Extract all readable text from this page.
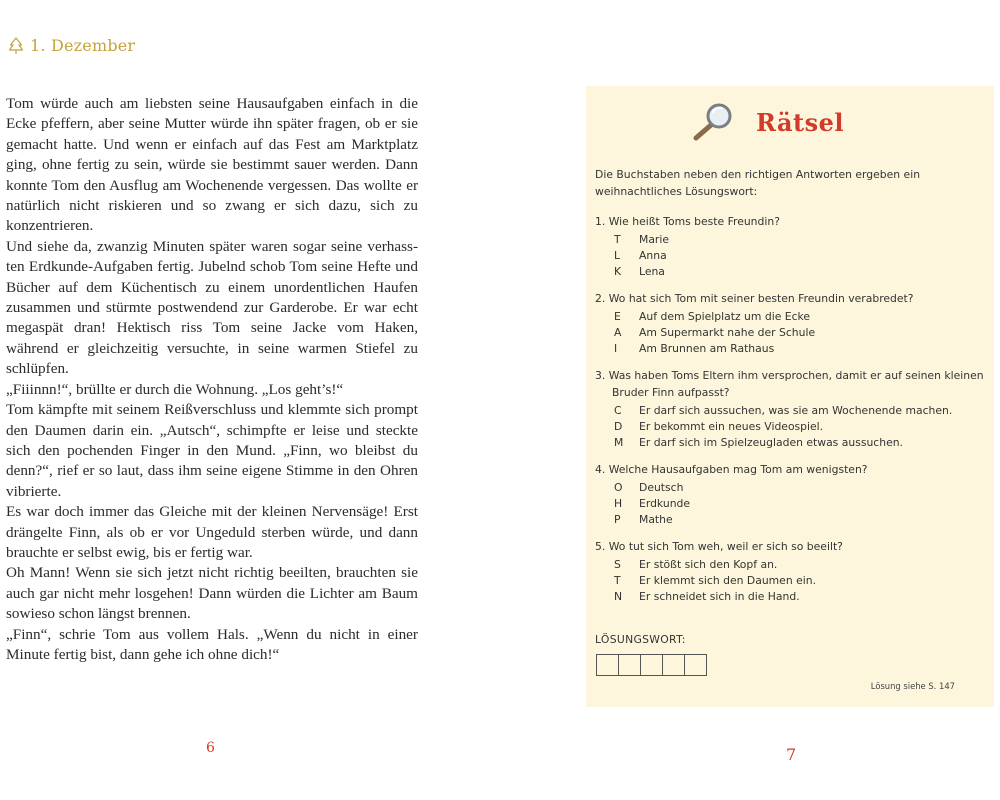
1. Dezember

Tom würde auch am liebsten seine Hausaufgaben einfach in die Ecke pfeffern, aber seine Mutter würde ihn später fragen, ob er sie gemacht hatte. Und wenn er einfach auf das Fest am Marktplatz ging, ohne fertig zu sein, würde sie bestimmt sauer werden. Dann konnte Tom den Ausflug am Wochenende vergessen. Das wollte er natürlich nicht riskieren und so zwang er sich dazu, sich zu konzentrieren.

Und siehe da, zwanzig Minuten später waren sogar seine verhassten Erdkunde-Aufgaben fertig. Jubelnd schob Tom seine Hefte und Bücher auf dem Küchentisch zu einem unordentlichen Haufen zusammen und stürmte postwendend zur Garderobe. Er war echt megaspät dran! Hektisch riss Tom seine Jacke vom Haken, während er gleichzeitig versuchte, in seine warmen Stiefel zu schlüpfen.

„Fiiinnn!“, brüllte er durch die Wohnung. „Los geht’s!“

Tom kämpfte mit seinem Reißverschluss und klemmte sich prompt den Daumen darin ein. „Autsch“, schimpfte er leise und steckte sich den pochenden Finger in den Mund. „Finn, wo bleibst du denn?“, rief er so laut, dass ihm seine eigene Stimme in den Ohren vibrierte.

Es war doch immer das Gleiche mit der kleinen Nervensäge! Erst drängelte Finn, als ob er vor Ungeduld sterben würde, und dann brauchte er selbst ewig, bis er fertig war.

Oh Mann! Wenn sie sich jetzt nicht richtig beeilten, brauchten sie auch gar nicht mehr losgehen! Dann würden die Lichter am Baum sowieso schon längst brennen.

„Finn“, schrie Tom aus vollem Hals. „Wenn du nicht in einer Minute fertig bist, dann gehe ich ohne dich!“

6	7
Rätsel
Die Buchstaben neben den richtigen Antworten ergeben ein weihnachtliches Lösungswort:
1. Wie heißt Toms beste Freundin?
T	Marie
L	Anna
K	Lena
2. Wo hat sich Tom mit seiner besten Freundin verabredet?
E	Auf dem Spielplatz um die Ecke
A	Am Supermarkt nahe der Schule
I	Am Brunnen am Rathaus
3. Was haben Toms Eltern ihm versprochen, damit er auf seinen kleinen Bruder Finn aufpasst?
C	Er darf sich aussuchen, was sie am Wochenende machen.
D	Er bekommt ein neues Videospiel.
M	Er darf sich im Spielzeugladen etwas aussuchen.
4. Welche Hausaufgaben mag Tom am wenigsten?
O	Deutsch
H	Erdkunde
P	Mathe
5. Wo tut sich Tom weh, weil er sich so beeilt?
S	Er stößt sich den Kopf an.
T	Er klemmt sich den Daumen ein.
N	Er schneidet sich in die Hand.
LÖSUNGSWORT:
Lösung siehe S. 147
